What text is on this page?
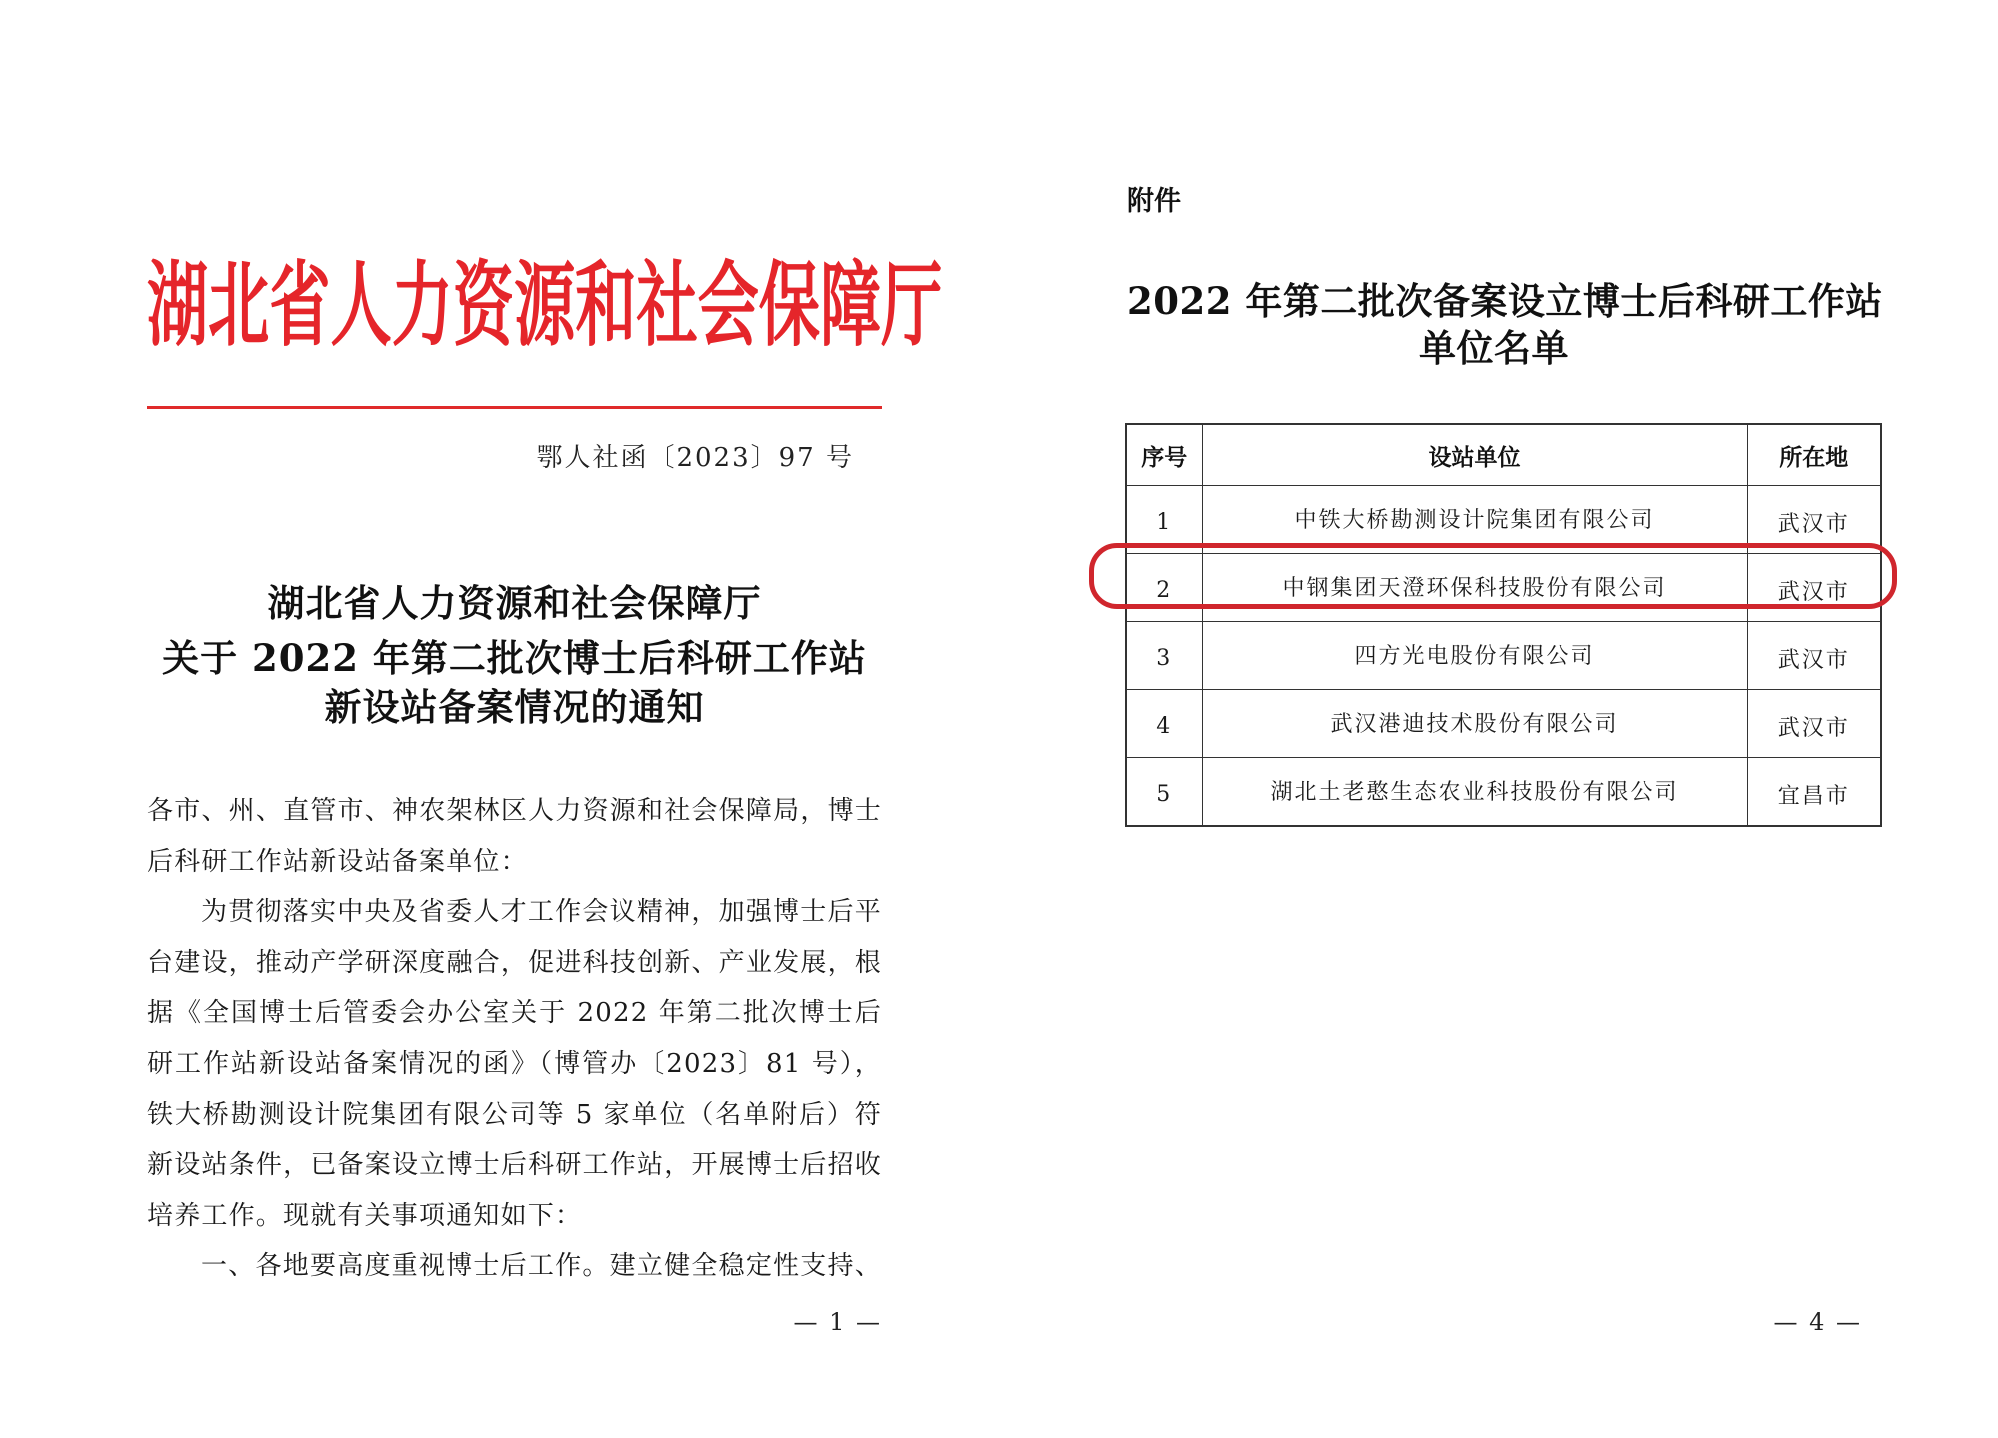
湖北省人力资源和社会保障厅
鄂人社函〔2023〕97 号
湖北省人力资源和社会保障厅
关于 2022 年第二批次博士后科研工作站
新设站备案情况的通知
各市、州、直管市、神农架林区人力资源和社会保障局，博士
后科研工作站新设站备案单位：
为贯彻落实中央及省委人才工作会议精神，加强博士后平
台建设，推动产学研深度融合，促进科技创新、产业发展，根
据《全国博士后管委会办公室关于 2022 年第二批次博士后
研工作站新设站备案情况的函》（博管办〔2023〕81 号），
铁大桥勘测设计院集团有限公司等 5 家单位（名单附后）符
新设站条件，已备案设立博士后科研工作站，开展博士后招收
培养工作。现就有关事项通知如下：
一、各地要高度重视博士后工作。建立健全稳定性支持、
— 1 —
附件
2022 年第二批次备案设立博士后科研工作站
单位名单
序号	设站单位	所在地
1	中铁大桥勘测设计院集团有限公司	武汉市
2	中钢集团天澄环保科技股份有限公司	武汉市
3	四方光电股份有限公司	武汉市
4	武汉港迪技术股份有限公司	武汉市
5	湖北土老憨生态农业科技股份有限公司	宜昌市
— 4 —
